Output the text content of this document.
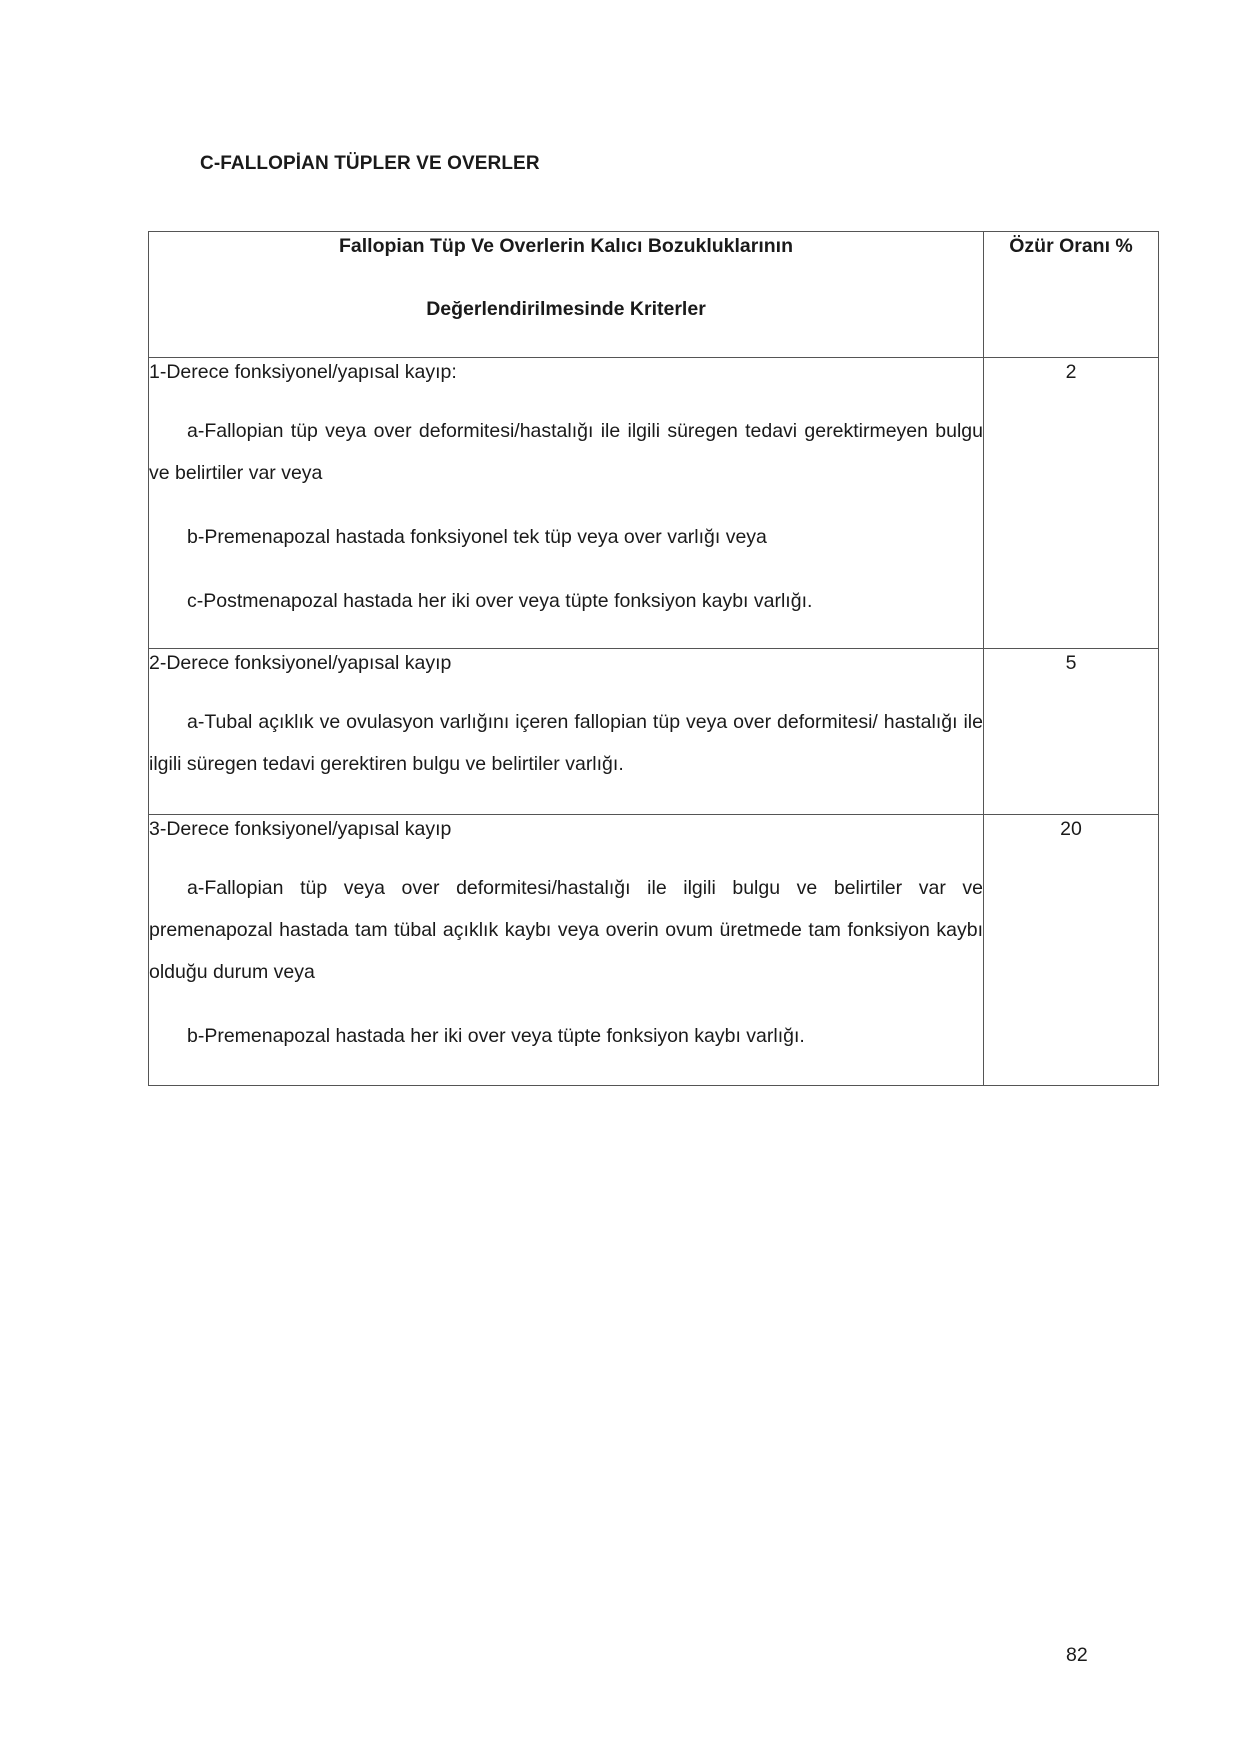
C-FALLOPİAN TÜPLER VE OVERLER
Fallopian Tüp Ve Overlerin Kalıcı Bozukluklarının
Değerlendirilmesinde Kriterler	Özür Oranı %

1-Derece fonksiyonel/yapısal kayıp:
a-Fallopian tüp veya over deformitesi/hastalığı ile ilgili süregen tedavi gerektirmeyen bulgu ve belirtiler var veya
b-Premenapozal hastada fonksiyonel tek tüp veya over varlığı veya
c-Postmenapozal hastada her iki over veya tüpte fonksiyon kaybı varlığı.	2

2-Derece fonksiyonel/yapısal kayıp
a-Tubal açıklık ve ovulasyon varlığını içeren fallopian tüp veya over deformitesi/ hastalığı ile ilgili süregen tedavi gerektiren bulgu ve belirtiler varlığı.	5

3-Derece fonksiyonel/yapısal kayıp
a-Fallopian tüp veya over deformitesi/hastalığı ile ilgili bulgu ve belirtiler var ve premenapozal hastada tam tübal açıklık kaybı veya overin ovum üretmede tam fonksiyon kaybı olduğu durum veya
b-Premenapozal hastada her iki over veya tüpte fonksiyon kaybı varlığı.	20
82
